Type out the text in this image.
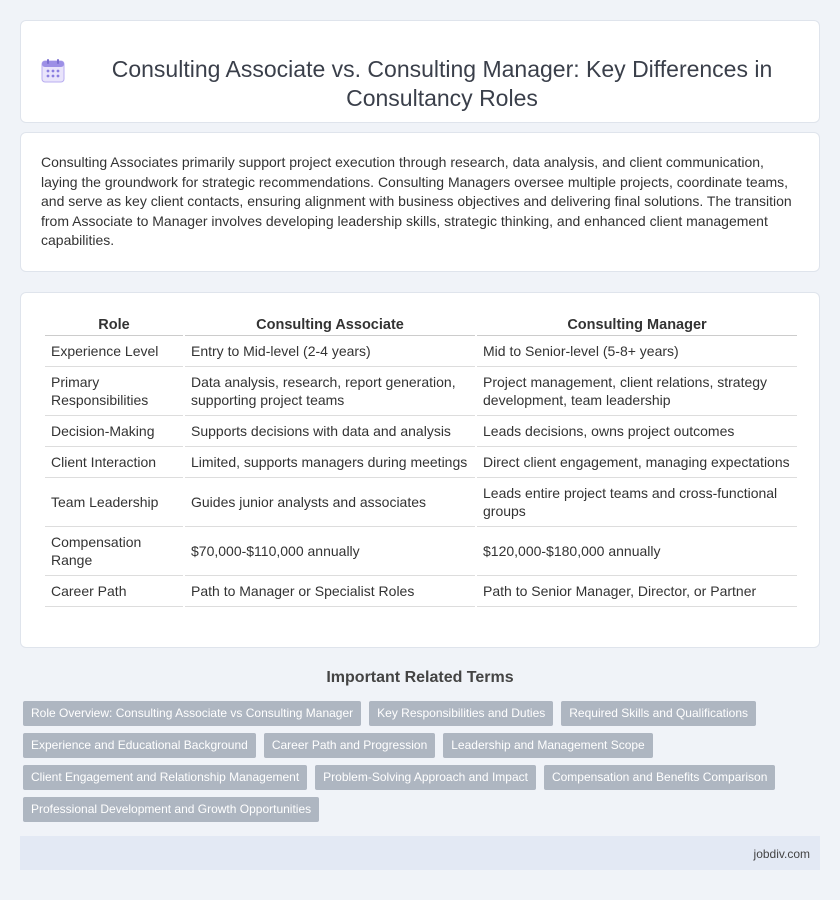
Consulting Associate vs. Consulting Manager: Key Differences in Consultancy Roles

Consulting Associates primarily support project execution through research, data analysis, and client communication, laying the groundwork for strategic recommendations. Consulting Managers oversee multiple projects, coordinate teams, and serve as key client contacts, ensuring alignment with business objectives and delivering final solutions. The transition from Associate to Manager involves developing leadership skills, strategic thinking, and enhanced client management capabilities.

Role	Consulting Associate	Consulting Manager
Experience Level	Entry to Mid-level (2-4 years)	Mid to Senior-level (5-8+ years)
Primary Responsibilities	Data analysis, research, report generation, supporting project teams	Project management, client relations, strategy development, team leadership
Decision-Making	Supports decisions with data and analysis	Leads decisions, owns project outcomes
Client Interaction	Limited, supports managers during meetings	Direct client engagement, managing expectations
Team Leadership	Guides junior analysts and associates	Leads entire project teams and cross-functional groups
Compensation Range	$70,000-$110,000 annually	$120,000-$180,000 annually
Career Path	Path to Manager or Specialist Roles	Path to Senior Manager, Director, or Partner
Important Related Terms
Role Overview: Consulting Associate vs Consulting Manager	Key Responsibilities and Duties	Required Skills and Qualifications
Experience and Educational Background	Career Path and Progression	Leadership and Management Scope
Client Engagement and Relationship Management	Problem-Solving Approach and Impact	Compensation and Benefits Comparison
Professional Development and Growth Opportunities
jobdiv.com
